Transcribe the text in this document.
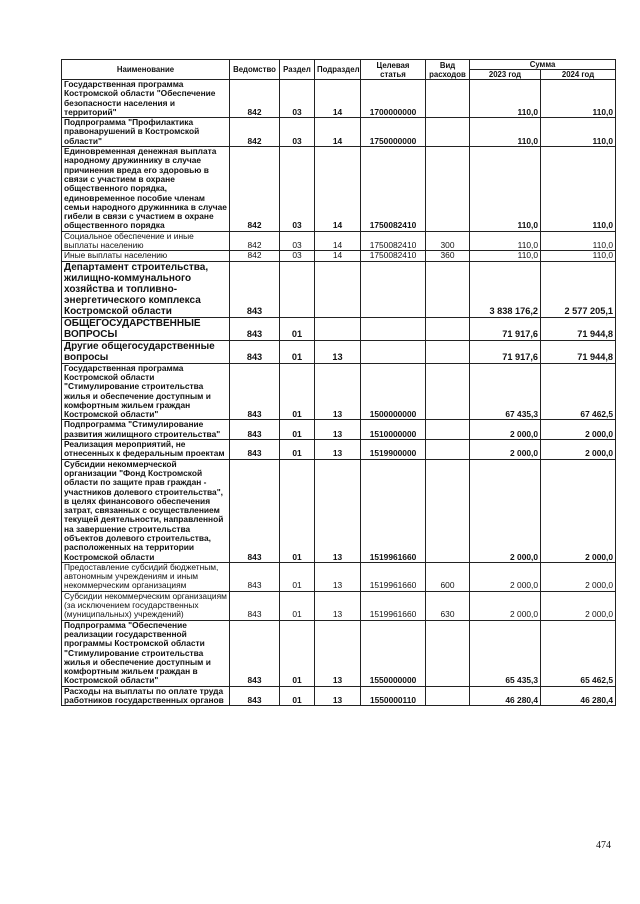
Наименование	Ведомство	Раздел	Подраздел	Целевая статья	Вид расходов	Сумма	
						2023 год	2024 год
Государственная программа Костромской области "Обеспечение безопасности населения и территорий"	842	03	14	1700000000		110,0	110,0
Подпрограмма "Профилактика правонарушений в Костромской области"	842	03	14	1750000000		110,0	110,0
Единовременная денежная выплата народному дружиннику в случае причинения вреда его здоровью в связи с участием в охране общественного порядка, единовременное пособие членам семьи народного дружинника в случае гибели в связи с участием в охране общественного порядка	842	03	14	1750082410		110,0	110,0
Социальное обеспечение и иные выплаты населению	842	03	14	1750082410	300	110,0	110,0
Иные выплаты населению	842	03	14	1750082410	360	110,0	110,0
Департамент строительства, жилищно-коммунального хозяйства и топливно-энергетического комплекса Костромской области	843					3 838 176,2	2 577 205,1
ОБЩЕГОСУДАРСТВЕННЫЕ ВОПРОСЫ	843	01				71 917,6	71 944,8
Другие общегосударственные вопросы	843	01	13			71 917,6	71 944,8
Государственная программа Костромской области "Стимулирование строительства жилья и обеспечение доступным и комфортным жильем граждан Костромской области"	843	01	13	1500000000		67 435,3	67 462,5
Подпрограмма "Стимулирование развития жилищного строительства"	843	01	13	1510000000		2 000,0	2 000,0
Реализация мероприятий, не отнесенных к федеральным проектам	843	01	13	1519900000		2 000,0	2 000,0
Субсидии некоммерческой организации "Фонд Костромской области по защите прав граждан - участников долевого строительства", в целях финансового обеспечения затрат, связанных с осуществлением текущей деятельности, направленной на завершение строительства объектов долевого строительства, расположенных на территории Костромской области	843	01	13	1519961660		2 000,0	2 000,0
Предоставление субсидий бюджетным, автономным учреждениям и иным некоммерческим организациям	843	01	13	1519961660	600	2 000,0	2 000,0
Субсидии некоммерческим организациям (за исключением государственных (муниципальных) учреждений)	843	01	13	1519961660	630	2 000,0	2 000,0
Подпрограмма "Обеспечение реализации государственной программы Костромской области "Стимулирование строительства жилья и обеспечение доступным и комфортным жильем граждан в Костромской области"	843	01	13	1550000000		65 435,3	65 462,5
Расходы на выплаты по оплате труда работников государственных органов	843	01	13	1550000110		46 280,4	46 280,4
474
